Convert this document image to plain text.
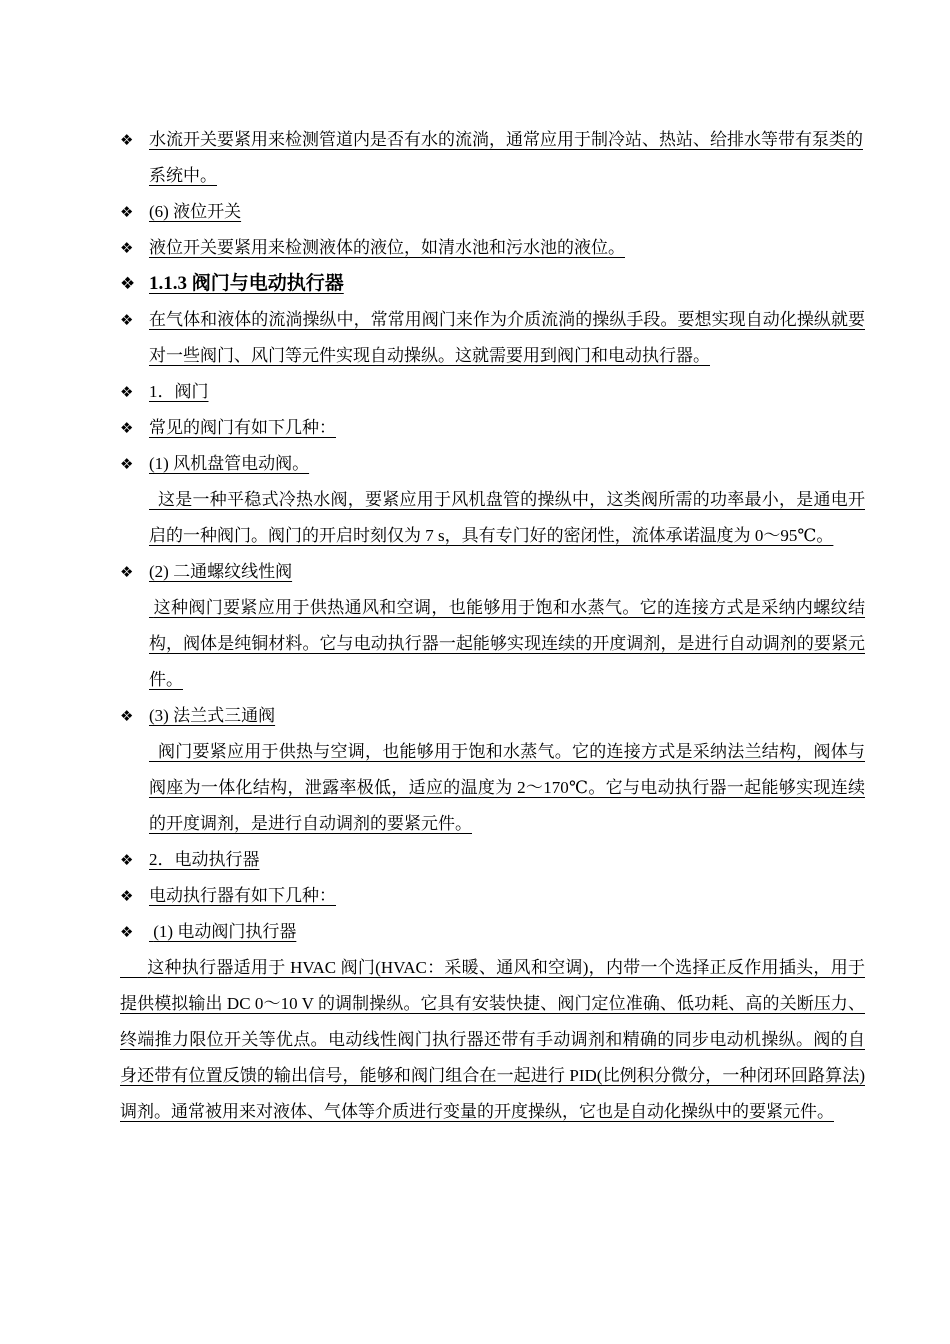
❖ 水流开关要紧用来检测管道内是否有水的流淌，通常应用于制冷站、热站、给排水等带有泵类的系统中。
❖ (6) 液位开关
❖ 液位开关要紧用来检测液体的液位，如清水池和污水池的液位。
❖ 1.1.3 阀门与电动执行器
❖ 在气体和液体的流淌操纵中，常常用阀门来作为介质流淌的操纵手段。要想实现自动化操纵就要对一些阀门、风门等元件实现自动操纵。这就需要用到阀门和电动执行器。
❖ 1．阀门
❖ 常见的阀门有如下几种：
❖ (1) 风机盘管电动阀。
这是一种平稳式冷热水阀，要紧应用于风机盘管的操纵中，这类阀所需的功率最小，是通电开启的一种阀门。阀门的开启时刻仅为 7 s，具有专门好的密闭性，流体承诺温度为 0～95℃。
❖ (2) 二通螺纹线性阀
这种阀门要紧应用于供热通风和空调，也能够用于饱和水蒸气。它的连接方式是采纳内螺纹结构，阀体是纯铜材料。它与电动执行器一起能够实现连续的开度调剂，是进行自动调剂的要紧元件。
❖ (3) 法兰式三通阀
阀门要紧应用于供热与空调，也能够用于饱和水蒸气。它的连接方式是采纳法兰结构，阀体与阀座为一体化结构，泄露率极低，适应的温度为 2～170℃。它与电动执行器一起能够实现连续的开度调剂，是进行自动调剂的要紧元件。
❖ 2．电动执行器
❖ 电动执行器有如下几种：
❖ (1) 电动阀门执行器
这种执行器适用于 HVAC 阀门(HVAC：采暖、通风和空调)，内带一个选择正反作用插头，用于提供模拟输出 DC 0～10 V 的调制操纵。它具有安装快捷、阀门定位准确、低功耗、高的关断压力、终端推力限位开关等优点。电动线性阀门执行器还带有手动调剂和精确的同步电动机操纵。阀的自身还带有位置反馈的输出信号，能够和阀门组合在一起进行 PID(比例积分微分，一种闭环回路算法)调剂。通常被用来对液体、气体等介质进行变量的开度操纵，它也是自动化操纵中的要紧元件。
